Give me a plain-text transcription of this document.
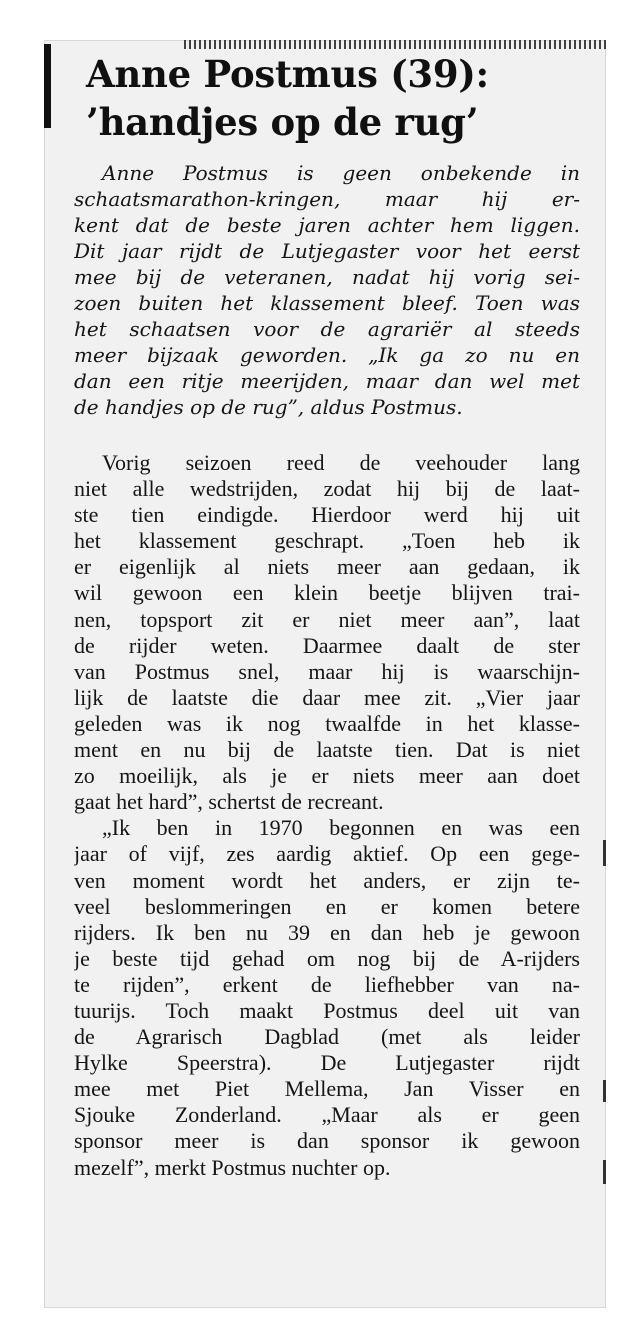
Anne Postmus (39):
’handjes op de rug’
Anne Postmus is geen onbekende in
schaatsmarathon-kringen, maar hij er-
kent dat de beste jaren achter hem liggen.
Dit jaar rijdt de Lutjegaster voor het eerst
mee bij de veteranen, nadat hij vorig sei-
zoen buiten het klassement bleef. Toen was
het schaatsen voor de agrariër al steeds
meer bijzaak geworden. „Ik ga zo nu en
dan een ritje meerijden, maar dan wel met
de handjes op de rug”, aldus Postmus.
Vorig seizoen reed de veehouder lang
niet alle wedstrijden, zodat hij bij de laat-
ste tien eindigde. Hierdoor werd hij uit
het klassement geschrapt. „Toen heb ik
er eigenlijk al niets meer aan gedaan, ik
wil gewoon een klein beetje blijven trai-
nen, topsport zit er niet meer aan”, laat
de rijder weten. Daarmee daalt de ster
van Postmus snel, maar hij is waarschijn-
lijk de laatste die daar mee zit. „Vier jaar
geleden was ik nog twaalfde in het klasse-
ment en nu bij de laatste tien. Dat is niet
zo moeilijk, als je er niets meer aan doet
gaat het hard”, schertst de recreant.
„Ik ben in 1970 begonnen en was een
jaar of vijf, zes aardig aktief. Op een gege-
ven moment wordt het anders, er zijn te-
veel beslommeringen en er komen betere
rijders. Ik ben nu 39 en dan heb je gewoon
je beste tijd gehad om nog bij de A-rijders
te rijden”, erkent de liefhebber van na-
tuurijs. Toch maakt Postmus deel uit van
de Agrarisch Dagblad (met als leider
Hylke Speerstra). De Lutjegaster rijdt
mee met Piet Mellema, Jan Visser en
Sjouke Zonderland. „Maar als er geen
sponsor meer is dan sponsor ik gewoon
mezelf”, merkt Postmus nuchter op.
